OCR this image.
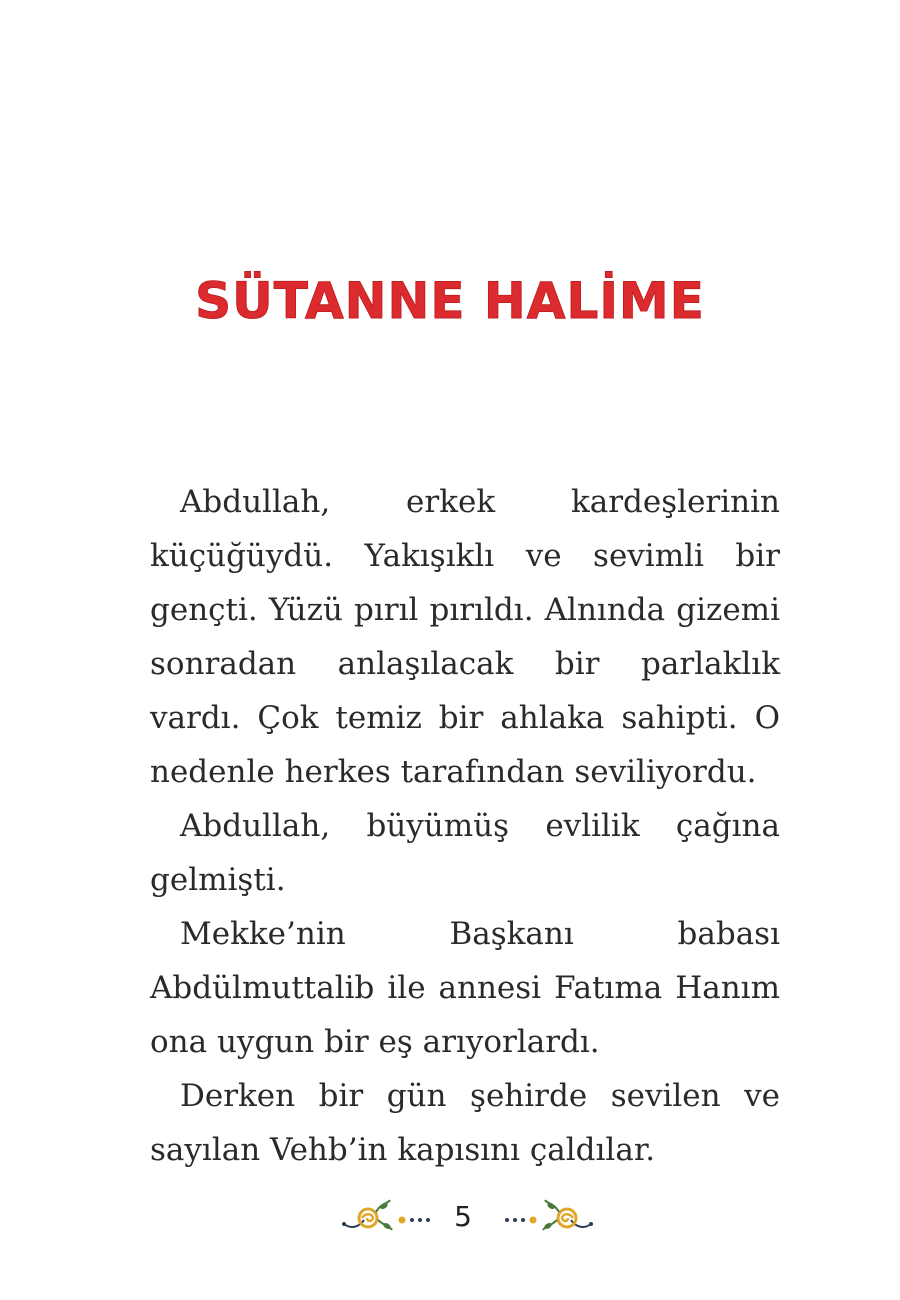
SÜTANNE HALİME

Abdullah, erkek kardeşlerinin küçüğüydü. Yakışıklı ve sevimli bir gençti. Yüzü pırıl pırıldı. Alnında gizemi sonradan anlaşılacak bir parlaklık vardı. Çok temiz bir ahlaka sahipti. O nedenle herkes tarafından seviliyordu.

Abdullah, büyümüş evlilik çağına gelmişti.

Mekke’nin Başkanı babası Abdülmuttalib ile annesi Fatıma Hanım ona uygun bir eş arıyorlardı.

Derken bir gün şehirde sevilen ve sayılan Vehb’in kapısını çaldılar.

5
